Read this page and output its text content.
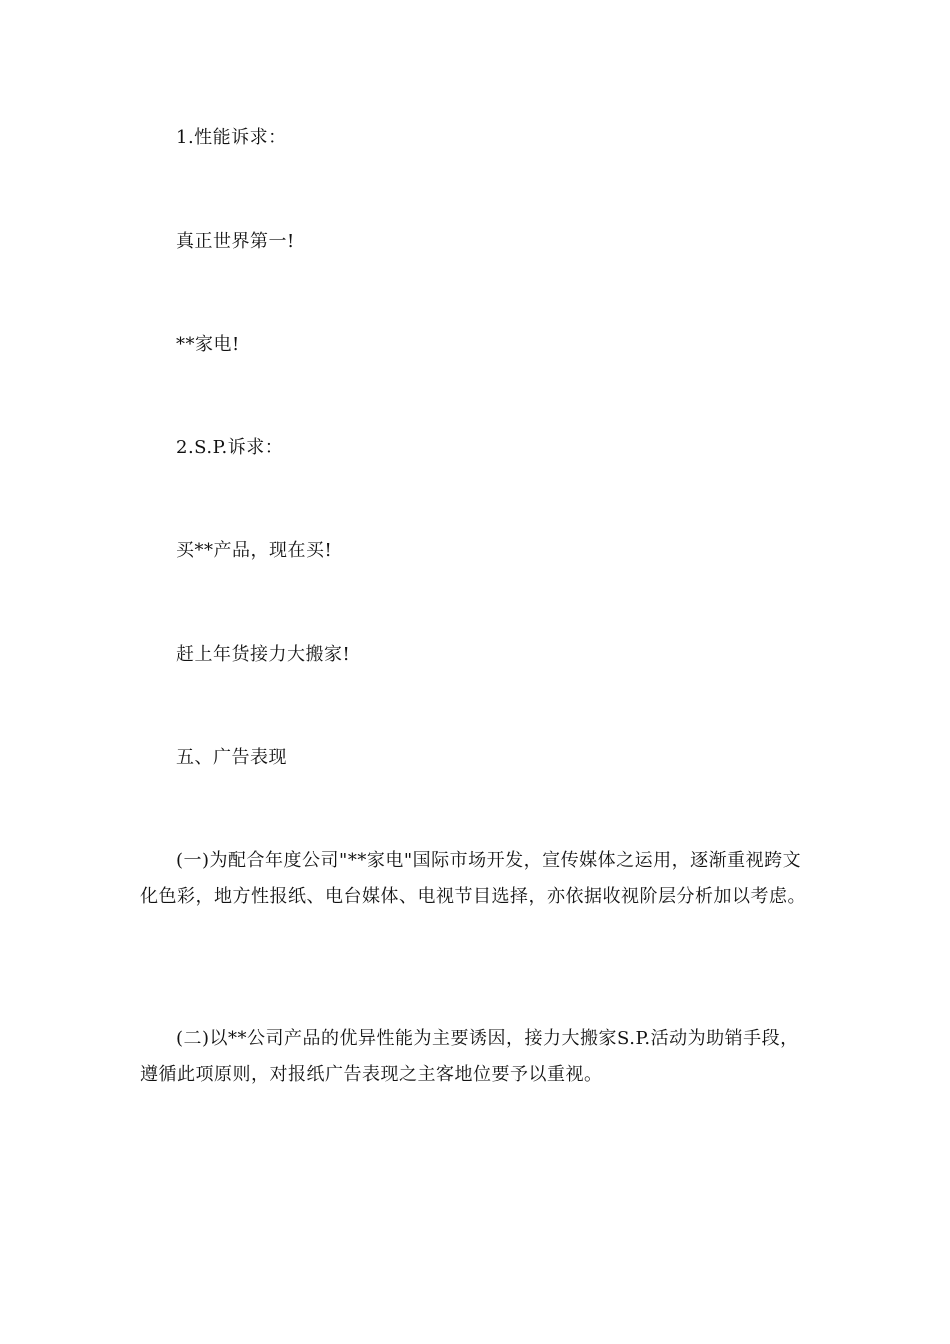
1.性能诉求：

真正世界第一!

**家电!

2.S.P.诉求：

买**产品，现在买!

赶上年货接力大搬家!

五、广告表现

(一)为配合年度公司"**家电"国际市场开发，宣传媒体之运用，逐渐重视跨文化色彩，地方性报纸、电台媒体、电视节目选择，亦依据收视阶层分析加以考虑。

(二)以**公司产品的优异性能为主要诱因，接力大搬家S.P.活动为助销手段，遵循此项原则，对报纸广告表现之主客地位要予以重视。
